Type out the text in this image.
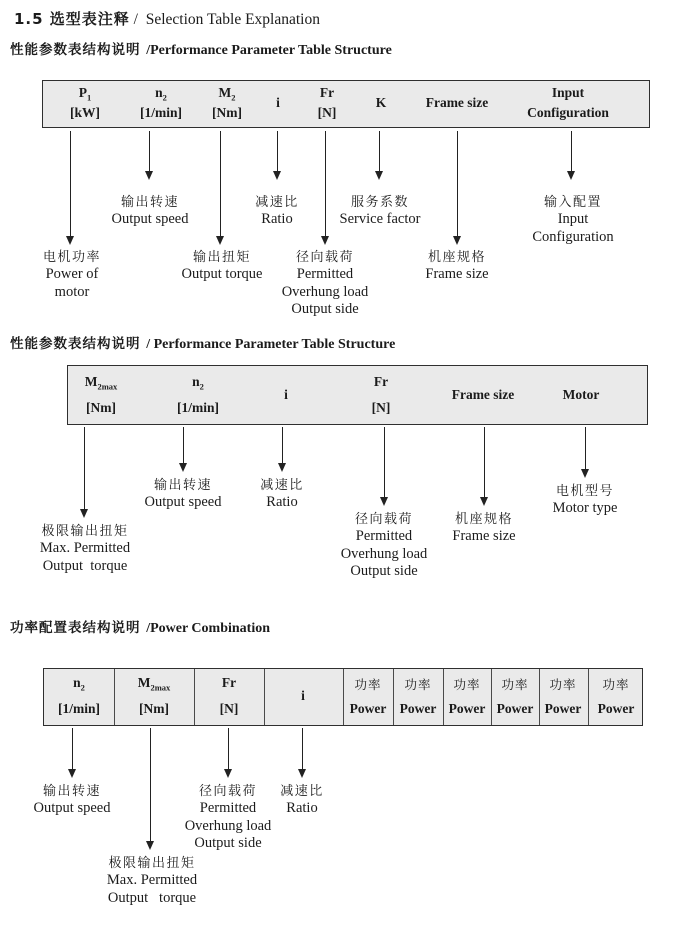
1.5 选型表注释 /  Selection Table Explanation
性能参数表结构说明 /Performance Parameter Table Structure
性能参数表结构说明 / Performance Parameter Table Structure
功率配置表结构说明 /Power Combination
$P_1$
[kW]
$n_2$
[1/min]
$M_2$
[Nm]
i
Fr
[N]
K	Frame size
Input
Configuration
电机功率
Power of
motor
输出转速
Output speed
输出扭矩
Output torque
减速比
Ratio
径向载荷
Permitted
Overhung load
Output side
服务系数
Service factor
机座规格
Frame size
输入配置
Input
Configuration
$M_{2max}$
[Nm]
$n_2$
[1/min]
i
Fr
[N]
Frame size	Motor
极限输出扭矩
Max. Permitted
Output  torque
输出转速
Output speed
减速比
Ratio
径向载荷
Permitted
Overhung load
Output side
机座规格
Frame size
电机型号
Motor type
$n_2$
[1/min]
$M_{2max}$
[Nm]
Fr
[N]
i
功率
Power
功率
Power
功率
Power
功率
Power
功率
Power
功率
Power
输出转速
Output speed
极限输出扭矩
Max. Permitted
Output   torque
径向载荷
Permitted
Overhung load
Output side
减速比
Ratio
